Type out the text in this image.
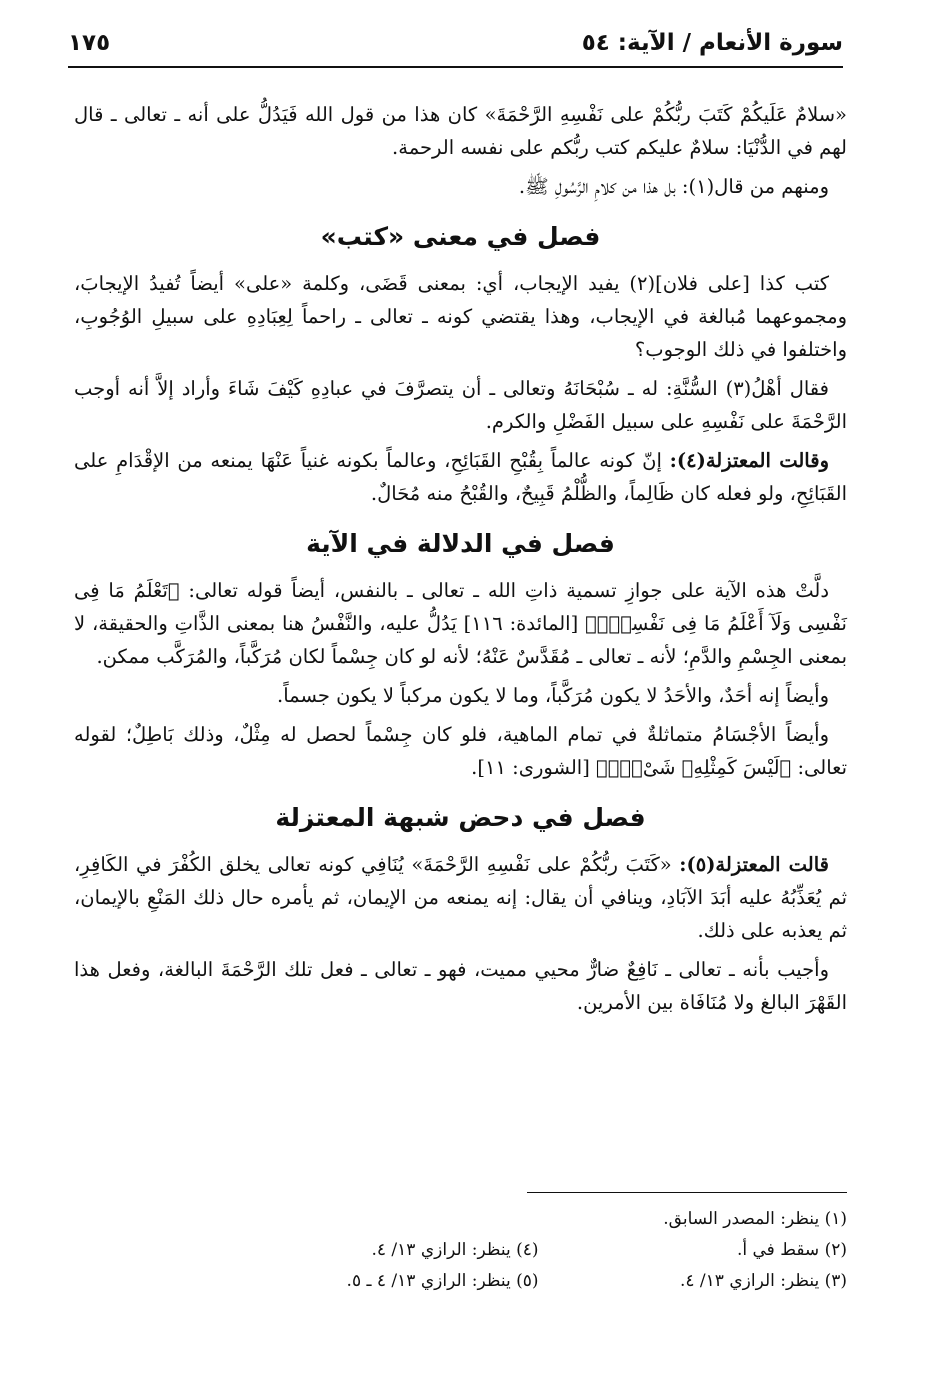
سورة الأنعام / الآية: ٥٤
١٧٥

«سلامٌ عَلَيكُمْ كَتَبَ ربُّكُمْ على نَفْسِهِ الرَّحْمَةَ» كان هذا من قول الله فَيَدُلُّ على أنه ـ تعالى ـ قال لهم في الدُّنْيَا: سلامٌ عليكم كتب ربُّكم على نفسه الرحمة.

ومنهم من قال(١): بل هذا من كلامِ الرَّسُولِ ﷺ.

فصل في معنى «كتب»

كتب كذا [على فلان](٢) يفيد الإيجاب، أي: بمعنى قَضَى، وكلمة «على» أيضاً تُفيدُ الإيجابَ، ومجموعهما مُبالغة في الإيجاب، وهذا يقتضي كونه ـ تعالى ـ راحماً لِعِبَادِهِ على سبيلِ الوُجُوبِ، واختلفوا في ذلك الوجوب؟

فقال أهْلُ(٣) السُّنَّةِ: له ـ سُبْحَانَهُ وتعالى ـ أن يتصرَّفَ في عبادِهِ كَيْفَ شَاءَ وأراد إلاَّ أنه أوجب الرَّحْمَةَ على نَفْسِهِ على سبيل الفَضْلِ والكرم.

وقالت المعتزلة(٤): إنّ كونه عالماً بِقُبْحِ القَبَائِحِ، وعالماً بكونه غنياً عَنْهَا يمنعه من الإقْدَامِ على القَبَائِحِ، ولو فعله كان ظَالِماً، والظُّلْمُ قَبِيحٌ، والقُبْحُ منه مُحَالٌ.

فصل في الدلالة في الآية

دلَّتْ هذه الآية على جوازِ تسمية ذاتِ الله ـ تعالى ـ بالنفس، أيضاً قوله تعالى: ﴿تَعْلَمُ مَا فِى نَفْسِى وَلَآ أَعْلَمُ مَا فِى نَفْسِكَۚ﴾ [المائدة: ١١٦] يَدُلُّ عليه، والنَّفْسُ هنا بمعنى الذَّاتِ والحقيقة، لا بمعنى الجِسْمِ والدَّمِ؛ لأنه ـ تعالى ـ مُقَدَّسٌ عَنْهُ؛ لأنه لو كان جِسْماً لكان مُرَكَّباً، والمُرَكَّب ممكن.

وأيضاً إنه أحَدٌ، والأحَدُ لا يكون مُرَكَّباً، وما لا يكون مركباً لا يكون جسماً.

وأيضاً الأجْسَامُ متماثلةٌ في تمام الماهية، فلو كان جِسْماً لحصل له مِثْلٌ، وذلك بَاطِلٌ؛ لقوله تعالى: ﴿لَيْسَ كَمِثْلِهِۦ شَىْءٌۖ﴾ [الشورى: ١١].

فصل في دحض شبهة المعتزلة

قالت المعتزلة(٥): «كَتَبَ ربُّكُمْ على نَفْسِهِ الرَّحْمَةَ» يُنَافِي كونه تعالى يخلق الكُفْرَ في الكَافِرِ، ثم يُعَذِّبُهُ عليه أبَدَ الآبَادِ، وينافي أن يقال: إنه يمنعه من الإيمان، ثم يأمره حال ذلك المَنْعِ بالإيمان، ثم يعذبه على ذلك.

وأجيب بأنه ـ تعالى ـ نَافِعٌ ضارٌّ محيي مميت، فهو ـ تعالى ـ فعل تلك الرَّحْمَةَ البالغة، وفعل هذا القَهْرَ البالغ ولا مُنَافَاة بين الأمرين.

(١) ينظر: المصدر السابق.
(٢) سقط في أ.
(٤) ينظر: الرازي ١٣/ ٤.
(٣) ينظر: الرازي ١٣/ ٤.
(٥) ينظر: الرازي ١٣/ ٤ ـ ٥.
